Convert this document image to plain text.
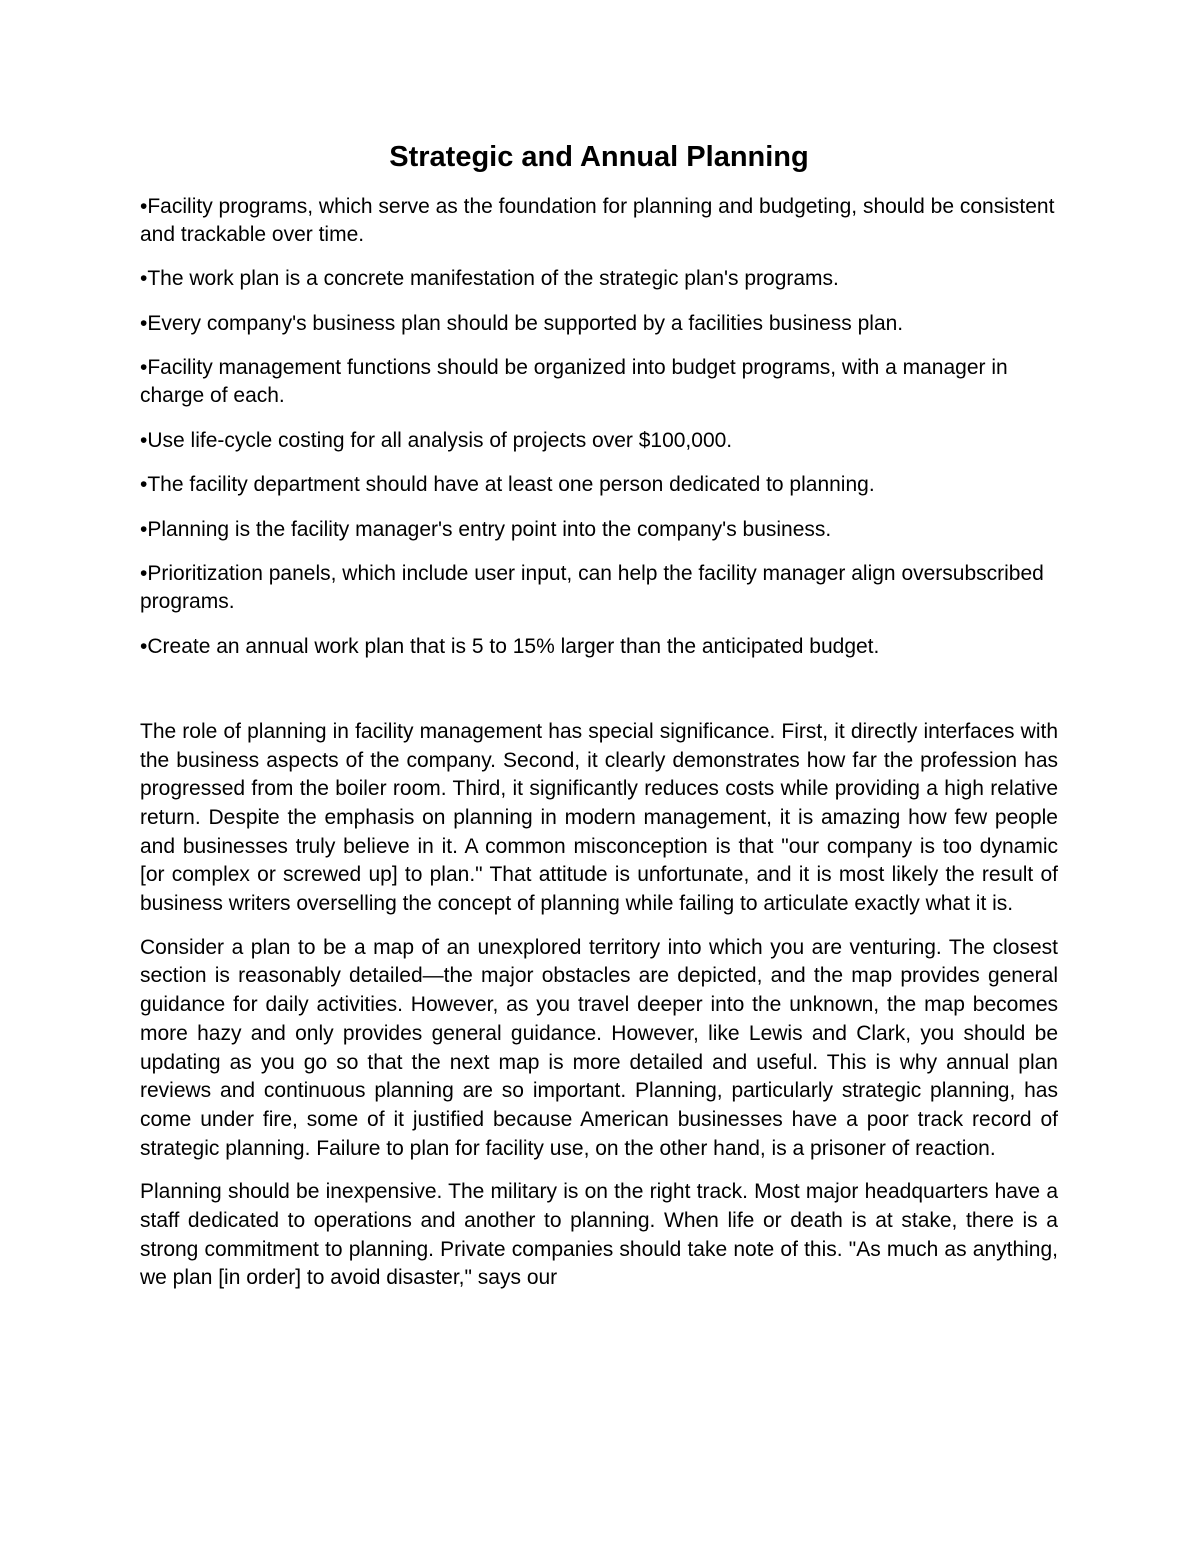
Strategic and Annual Planning
• Facility programs, which serve as the foundation for planning and budgeting, should be consistent and trackable over time.
• The work plan is a concrete manifestation of the strategic plan's programs.
• Every company's business plan should be supported by a facilities business plan.
• Facility management functions should be organized into budget programs, with a manager in charge of each.
• Use life-cycle costing for all analysis of projects over $100,000.
• The facility department should have at least one person dedicated to planning.
• Planning is the facility manager's entry point into the company's business.
• Prioritization panels, which include user input, can help the facility manager align oversubscribed programs.
• Create an annual work plan that is 5 to 15% larger than the anticipated budget.

The role of planning in facility management has special significance. First, it directly interfaces with the business aspects of the company. Second, it clearly demonstrates how far the profession has progressed from the boiler room. Third, it significantly reduces costs while providing a high relative return. Despite the emphasis on planning in modern management, it is amazing how few people and businesses truly believe in it. A common misconception is that "our company is too dynamic [or complex or screwed up] to plan." That attitude is unfortunate, and it is most likely the result of business writers overselling the concept of planning while failing to articulate exactly what it is.

Consider a plan to be a map of an unexplored territory into which you are venturing. The closest section is reasonably detailed—the major obstacles are depicted, and the map provides general guidance for daily activities. However, as you travel deeper into the unknown, the map becomes more hazy and only provides general guidance. However, like Lewis and Clark, you should be updating as you go so that the next map is more detailed and useful. This is why annual plan reviews and continuous planning are so important. Planning, particularly strategic planning, has come under fire, some of it justified because American businesses have a poor track record of strategic planning. Failure to plan for facility use, on the other hand, is a prisoner of reaction.

Planning should be inexpensive. The military is on the right track. Most major headquarters have a staff dedicated to operations and another to planning. When life or death is at stake, there is a strong commitment to planning. Private companies should take note of this. "As much as anything, we plan [in order] to avoid disaster," says our
